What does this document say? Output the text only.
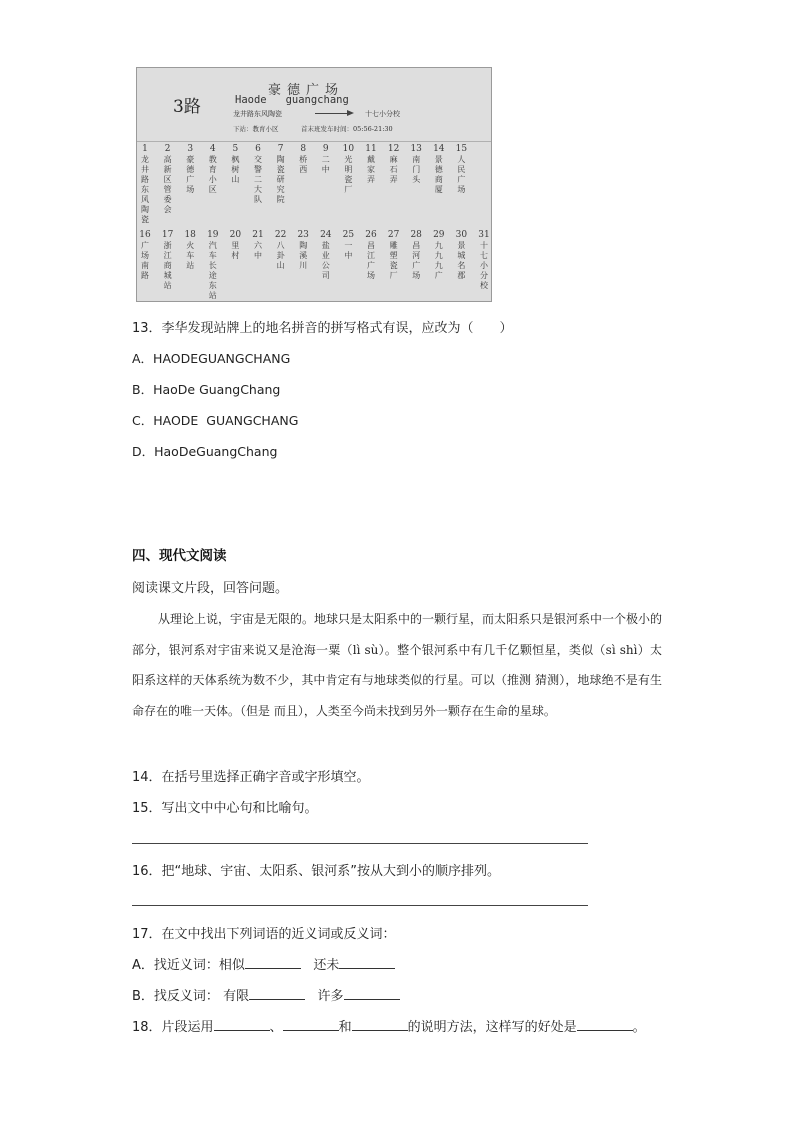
3路
豪德广场
Haode   guangchang
龙井路东风陶瓷	十七小分校
下站：教育小区	首末班发车时间：05:56-21:30
1
龙井路东风陶瓷
2
高新区管委会
3
豪德广场
4
教育小区
5
枫树山
6
交警二大队
7
陶瓷研究院
8
桥西
9
二中
10
光明瓷厂
11
戴家弄
12
麻石弄
13
南门头
14
景德商厦
15
人民广场
16
广场南路
17
浙江商城站
18
火车站
19
汽车长途东站
20
里村
21
六中
22
八卦山
23
陶溪川
24
盐业公司
25
一中
26
昌江广场
27
雕塑瓷厂
28
昌河广场
29
九九九广
30
景城名郡
31
十七小分校
13．李华发现站牌上的地名拼音的拼写格式有误，应改为（　　）
A．HAODEGUANGCHANG
B．HaoDe GuangChang
C．HAODE  GUANGCHANG
D．HaoDeGuangChang
四、现代文阅读
阅读课文片段，回答问题。

从理论上说，宇宙是无限的。地球只是太阳系中的一颗行星，而太阳系只是银河系中一个极小的部分，银河系对宇宙来说又是沧海一粟（lì sù）。整个银河系中有几千亿颗恒星，类似（sì shì）太阳系这样的天体系统为数不少，其中肯定有与地球类似的行星。可以（推测 猜测），地球绝不是有生命存在的唯一天体。（但是 而且），人类至今尚未找到另外一颗存在生命的星球。

14．在括号里选择正确字音或字形填空。
15．写出文中中心句和比喻句。
16．把“地球、宇宙、太阳系、银河系”按从大到小的顺序排列。
17．在文中找出下列词语的近义词或反义词：
A．找近义词：相似	还未
B．找反义词： 有限	许多
18．片段运用	、	和	的说明方法，这样写的好处是	。
